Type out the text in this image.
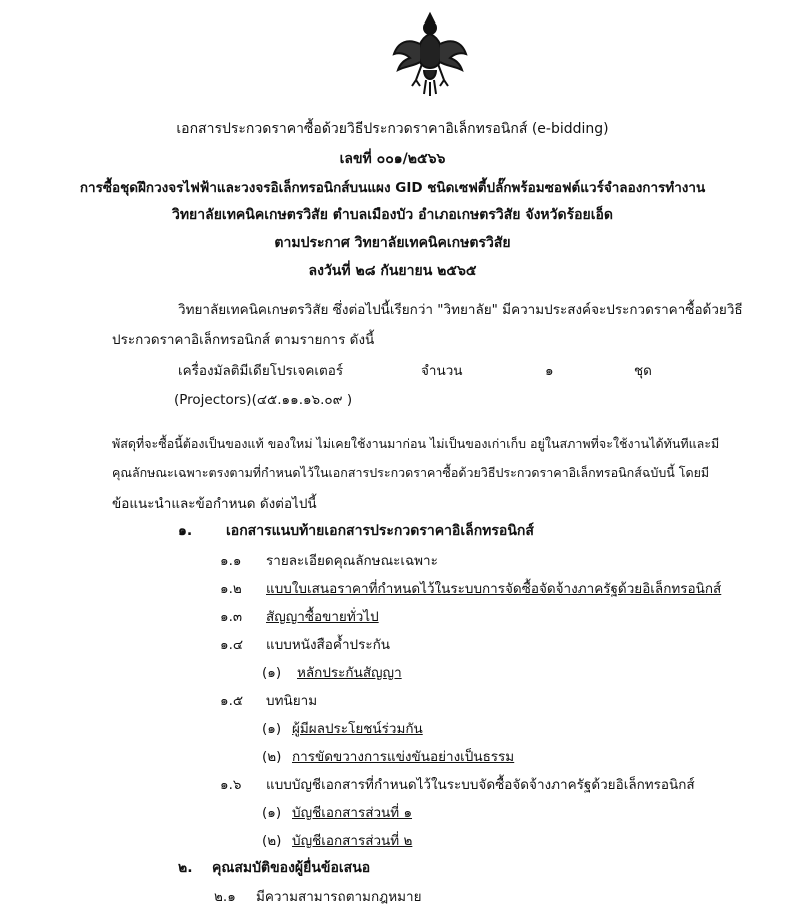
เอกสารประกวดราคาซื้อด้วยวิธีประกวดราคาอิเล็กทรอนิกส์ (e-bidding)
เลขที่ ๐๐๑/๒๕๖๖
การซื้อชุดฝึกวงจรไฟฟ้าและวงจรอิเล็กทรอนิกส์บนแผง GID ชนิดเซฟตี้ปลั๊กพร้อมซอฟต์แวร์จำลองการทำงาน
วิทยาลัยเทคนิคเกษตรวิสัย ตำบลเมืองบัว อำเภอเกษตรวิสัย จังหวัดร้อยเอ็ด
ตามประกาศ วิทยาลัยเทคนิคเกษตรวิสัย
ลงวันที่ ๒๘ กันยายน ๒๕๖๕
วิทยาลัยเทคนิคเกษตรวิสัย ซึ่งต่อไปนี้เรียกว่า "วิทยาลัย" มีความประสงค์จะประกวดราคาซื้อด้วยวิธี
ประกวดราคาอิเล็กทรอนิกส์ ตามรายการ ดังนี้
เครื่องมัลติมีเดียโปรเจคเตอร์	จำนวน	๑	ชุด
(Projectors)(๔๕.๑๑.๑๖.๐๙ )
พัสดุที่จะซื้อนี้ต้องเป็นของแท้ ของใหม่ ไม่เคยใช้งานมาก่อน ไม่เป็นของเก่าเก็บ อยู่ในสภาพที่จะใช้งานได้ทันทีและมี
คุณลักษณะเฉพาะตรงตามที่กำหนดไว้ในเอกสารประกวดราคาซื้อด้วยวิธีประกวดราคาอิเล็กทรอนิกส์ฉบับนี้ โดยมี
ข้อแนะนำและข้อกำหนด ดังต่อไปนี้
๑. เอกสารแนบท้ายเอกสารประกวดราคาอิเล็กทรอนิกส์
๑.๑ รายละเอียดคุณลักษณะเฉพาะ
๑.๒ แบบใบเสนอราคาที่กำหนดไว้ในระบบการจัดซื้อจัดจ้างภาครัฐด้วยอิเล็กทรอนิกส์
๑.๓ สัญญาซื้อขายทั่วไป
๑.๔ แบบหนังสือค้ำประกัน
(๑) หลักประกันสัญญา
๑.๕ บทนิยาม
(๑) ผู้มีผลประโยชน์ร่วมกัน
(๒) การขัดขวางการแข่งขันอย่างเป็นธรรม
๑.๖ แบบบัญชีเอกสารที่กำหนดไว้ในระบบจัดซื้อจัดจ้างภาครัฐด้วยอิเล็กทรอนิกส์
(๑) บัญชีเอกสารส่วนที่ ๑
(๒) บัญชีเอกสารส่วนที่ ๒
๒. คุณสมบัติของผู้ยื่นข้อเสนอ
๒.๑ มีความสามารถตามกฎหมาย
